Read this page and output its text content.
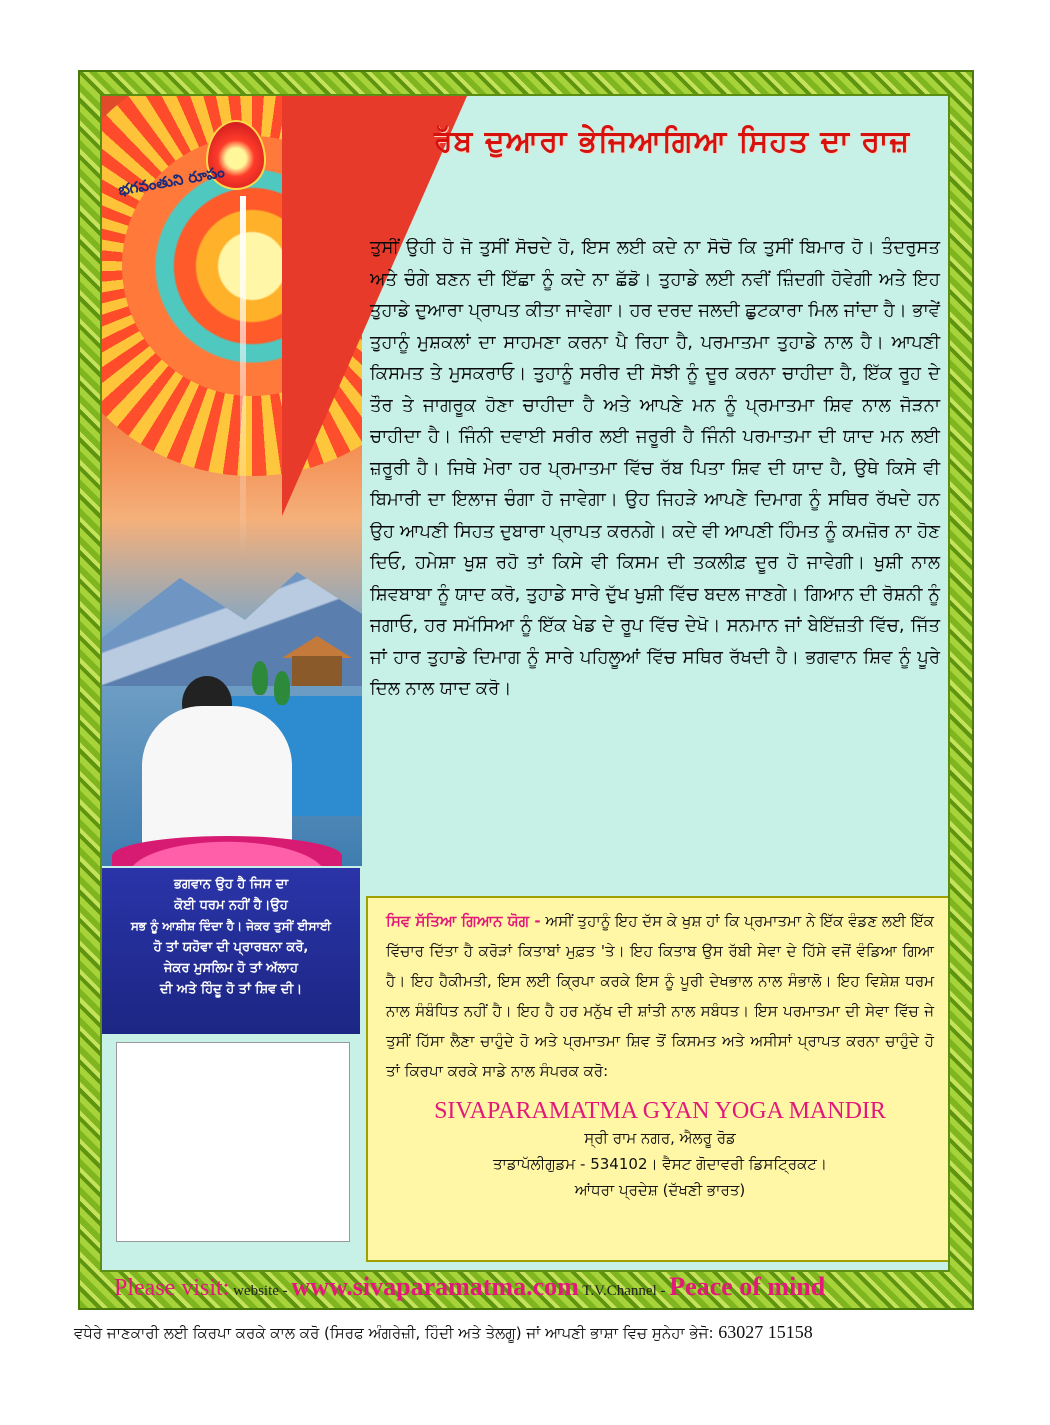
భగవంతుని రూపం
ਭਗਵਾਨ ਉਹ ਹੈ ਜਿਸ ਦਾ
ਕੋਈ ਧਰਮ ਨਹੀਂ ਹੈ।ਉਹ
ਸਭ ਨੂੰ ਆਸ਼ੀਸ਼ ਦਿੰਦਾ ਹੈ। ਜੇਕਰ ਤੁਸੀਂ ਈਸਾਈ
ਹੋ ਤਾਂ ਯਹੋਵਾ ਦੀ ਪ੍ਰਾਰਥਨਾ ਕਰੋ,
ਜੇਕਰ ਮੁਸਲਿਮ ਹੋ ਤਾਂ ਅੱਲਾਹ
ਦੀ ਅਤੇ ਹਿੰਦੂ ਹੋ ਤਾਂ ਸ਼ਿਵ ਦੀ।
ਰੱਬ ਦੁਆਰਾ ਭੇਜਿਆਗਿਆ ਸਿਹਤ ਦਾ ਰਾਜ਼
ਤੁਸੀਂ ਉਹੀ ਹੋ ਜੋ ਤੁਸੀਂ ਸੋਚਦੇ ਹੋ, ਇਸ ਲਈ ਕਦੇ ਨਾ ਸੋਚੋ ਕਿ ਤੁਸੀਂ ਬਿਮਾਰ ਹੋ। ਤੰਦਰੁਸਤ ਅਤੇ ਚੰਗੇ ਬਣਨ ਦੀ ਇੱਛਾ ਨੂੰ ਕਦੇ ਨਾ ਛੱਡੋ। ਤੁਹਾਡੇ ਲਈ ਨਵੀਂ ਜ਼ਿੰਦਗੀ ਹੋਵੇਗੀ ਅਤੇ ਇਹ ਤੁਹਾਡੇ ਦੁਆਰਾ ਪ੍ਰਾਪਤ ਕੀਤਾ ਜਾਵੇਗਾ। ਹਰ ਦਰਦ ਜਲਦੀ ਛੁਟਕਾਰਾ ਮਿਲ ਜਾਂਦਾ ਹੈ। ਭਾਵੇਂ ਤੁਹਾਨੂੰ ਮੁਸ਼ਕਲਾਂ ਦਾ ਸਾਹਮਣਾ ਕਰਨਾ ਪੈ ਰਿਹਾ ਹੈ, ਪਰਮਾਤਮਾ ਤੁਹਾਡੇ ਨਾਲ ਹੈ। ਆਪਣੀ ਕਿਸਮਤ ਤੇ ਮੁਸਕਰਾਓ। ਤੁਹਾਨੂੰ ਸਰੀਰ ਦੀ ਸੋਝੀ ਨੂੰ ਦੂਰ ਕਰਨਾ ਚਾਹੀਦਾ ਹੈ, ਇੱਕ ਰੂਹ ਦੇ ਤੌਰ ਤੇ ਜਾਗਰੂਕ ਹੋਣਾ ਚਾਹੀਦਾ ਹੈ ਅਤੇ ਆਪਣੇ ਮਨ ਨੂੰ ਪ੍ਰਮਾਤਮਾ ਸ਼ਿਵ ਨਾਲ ਜੋੜਨਾ ਚਾਹੀਦਾ ਹੈ। ਜਿੰਨੀ ਦਵਾਈ ਸਰੀਰ ਲਈ ਜਰੂਰੀ ਹੈ ਜਿੰਨੀ ਪਰਮਾਤਮਾ ਦੀ ਯਾਦ ਮਨ ਲਈ ਜ਼ਰੂਰੀ ਹੈ। ਜਿਥੇ ਮੇਰਾ ਹਰ ਪ੍ਰਮਾਤਮਾ ਵਿੱਚ ਰੱਬ ਪਿਤਾ ਸ਼ਿਵ ਦੀ ਯਾਦ ਹੈ, ਉਥੇ ਕਿਸੇ ਵੀ ਬਿਮਾਰੀ ਦਾ ਇਲਾਜ ਚੰਗਾ ਹੋ ਜਾਵੇਗਾ। ਉਹ ਜਿਹੜੇ ਆਪਣੇ ਦਿਮਾਗ ਨੂੰ ਸਥਿਰ ਰੱਖਦੇ ਹਨ ਉਹ ਆਪਣੀ ਸਿਹਤ ਦੁਬਾਰਾ ਪ੍ਰਾਪਤ ਕਰਨਗੇ। ਕਦੇ ਵੀ ਆਪਣੀ ਹਿੰਮਤ ਨੂੰ ਕਮਜ਼ੋਰ ਨਾ ਹੋਣ ਦਿਓ, ਹਮੇਸ਼ਾ ਖੁਸ਼ ਰਹੋ ਤਾਂ ਕਿਸੇ ਵੀ ਕਿਸਮ ਦੀ ਤਕਲੀਫ਼ ਦੂਰ ਹੋ ਜਾਵੇਗੀ। ਖੁਸ਼ੀ ਨਾਲ ਸ਼ਿਵਬਾਬਾ ਨੂੰ ਯਾਦ ਕਰੋ, ਤੁਹਾਡੇ ਸਾਰੇ ਦੁੱਖ ਖੁਸ਼ੀ ਵਿੱਚ ਬਦਲ ਜਾਣਗੇ। ਗਿਆਨ ਦੀ ਰੋਸ਼ਨੀ ਨੂੰ ਜਗਾਓ, ਹਰ ਸਮੱਸਿਆ ਨੂੰ ਇੱਕ ਖੇਡ ਦੇ ਰੂਪ ਵਿੱਚ ਦੇਖੋ। ਸਨਮਾਨ ਜਾਂ ਬੇਇੱਜ਼ਤੀ ਵਿੱਚ, ਜਿੱਤ ਜਾਂ ਹਾਰ ਤੁਹਾਡੇ ਦਿਮਾਗ ਨੂੰ ਸਾਰੇ ਪਹਿਲੂਆਂ ਵਿੱਚ ਸਥਿਰ ਰੱਖਦੀ ਹੈ। ਭਗਵਾਨ ਸ਼ਿਵ ਨੂੰ ਪੂਰੇ ਦਿਲ ਨਾਲ ਯਾਦ ਕਰੋ।
ਸਿਵ ਸੱਤਿਆ ਗਿਆਨ ਯੋਗ - ਅਸੀਂ ਤੁਹਾਨੂੰ ਇਹ ਦੱਸ ਕੇ ਖੁਸ਼ ਹਾਂ ਕਿ ਪ੍ਰਮਾਤਮਾ ਨੇ ਇੱਕ ਵੰਡਣ ਲਈ ਇੱਕ ਵਿੱਚਾਰ ਦਿੱਤਾ ਹੈ ਕਰੋੜਾਂ ਕਿਤਾਬਾਂ ਮੁਫ਼ਤ 'ਤੇ। ਇਹ ਕਿਤਾਬ ਉਸ ਰੱਬੀ ਸੇਵਾ ਦੇ ਹਿੱਸੇ ਵਜੋਂ ਵੰਡਿਆ ਗਿਆ ਹੈ। ਇਹ ਹੈਕੀਮਤੀ, ਇਸ ਲਈ ਕ੍ਰਿਪਾ ਕਰਕੇ ਇਸ ਨੂੰ ਪੂਰੀ ਦੇਖਭਾਲ ਨਾਲ ਸੰਭਾਲੋ। ਇਹ ਵਿਸ਼ੇਸ਼ ਧਰਮ ਨਾਲ ਸੰਬੰਧਿਤ ਨਹੀਂ ਹੈ। ਇਹ ਹੈ ਹਰ ਮਨੁੱਖ ਦੀ ਸ਼ਾਂਤੀ ਨਾਲ ਸਬੰਧਤ। ਇਸ ਪਰਮਾਤਮਾ ਦੀ ਸੇਵਾ ਵਿੱਚ ਜੇ ਤੁਸੀਂ ਹਿੱਸਾ ਲੈਣਾ ਚਾਹੁੰਦੇ ਹੋ ਅਤੇ ਪ੍ਰਮਾਤਮਾ ਸ਼ਿਵ ਤੋਂ ਕਿਸਮਤ ਅਤੇ ਅਸੀਸਾਂ ਪ੍ਰਾਪਤ ਕਰਨਾ ਚਾਹੁੰਦੇ ਹੋ ਤਾਂ ਕਿਰਪਾ ਕਰਕੇ ਸਾਡੇ ਨਾਲ ਸੰਪਰਕ ਕਰੋ:
SIVAPARAMATMA GYAN YOGA MANDIR
ਸ੍ਰੀ ਰਾਮ ਨਗਰ, ਐਲਰੂ ਰੋਡ
ਤਾਡਾਪੱਲੀਗੁਡਮ - 534102। ਵੈਸਟ ਗੋਦਾਵਰੀ ਡਿਸਟ੍ਰਿਕਟ।
ਆਂਧਰਾ ਪ੍ਰਦੇਸ਼ (ਦੱਖਣੀ ਭਾਰਤ)
Please visit: website - www.sivaparamatma.com T.V.Channel - Peace of mind
ਵਧੇਰੇ ਜਾਣਕਾਰੀ ਲਈ ਕਿਰਪਾ ਕਰਕੇ ਕਾਲ ਕਰੋ (ਸਿਰਫ ਅੰਗਰੇਜ਼ੀ, ਹਿੰਦੀ ਅਤੇ ਤੇਲਗੂ) ਜਾਂ ਆਪਣੀ ਭਾਸ਼ਾ ਵਿਚ ਸੁਨੇਹਾ ਭੇਜੋ: 63027 15158
